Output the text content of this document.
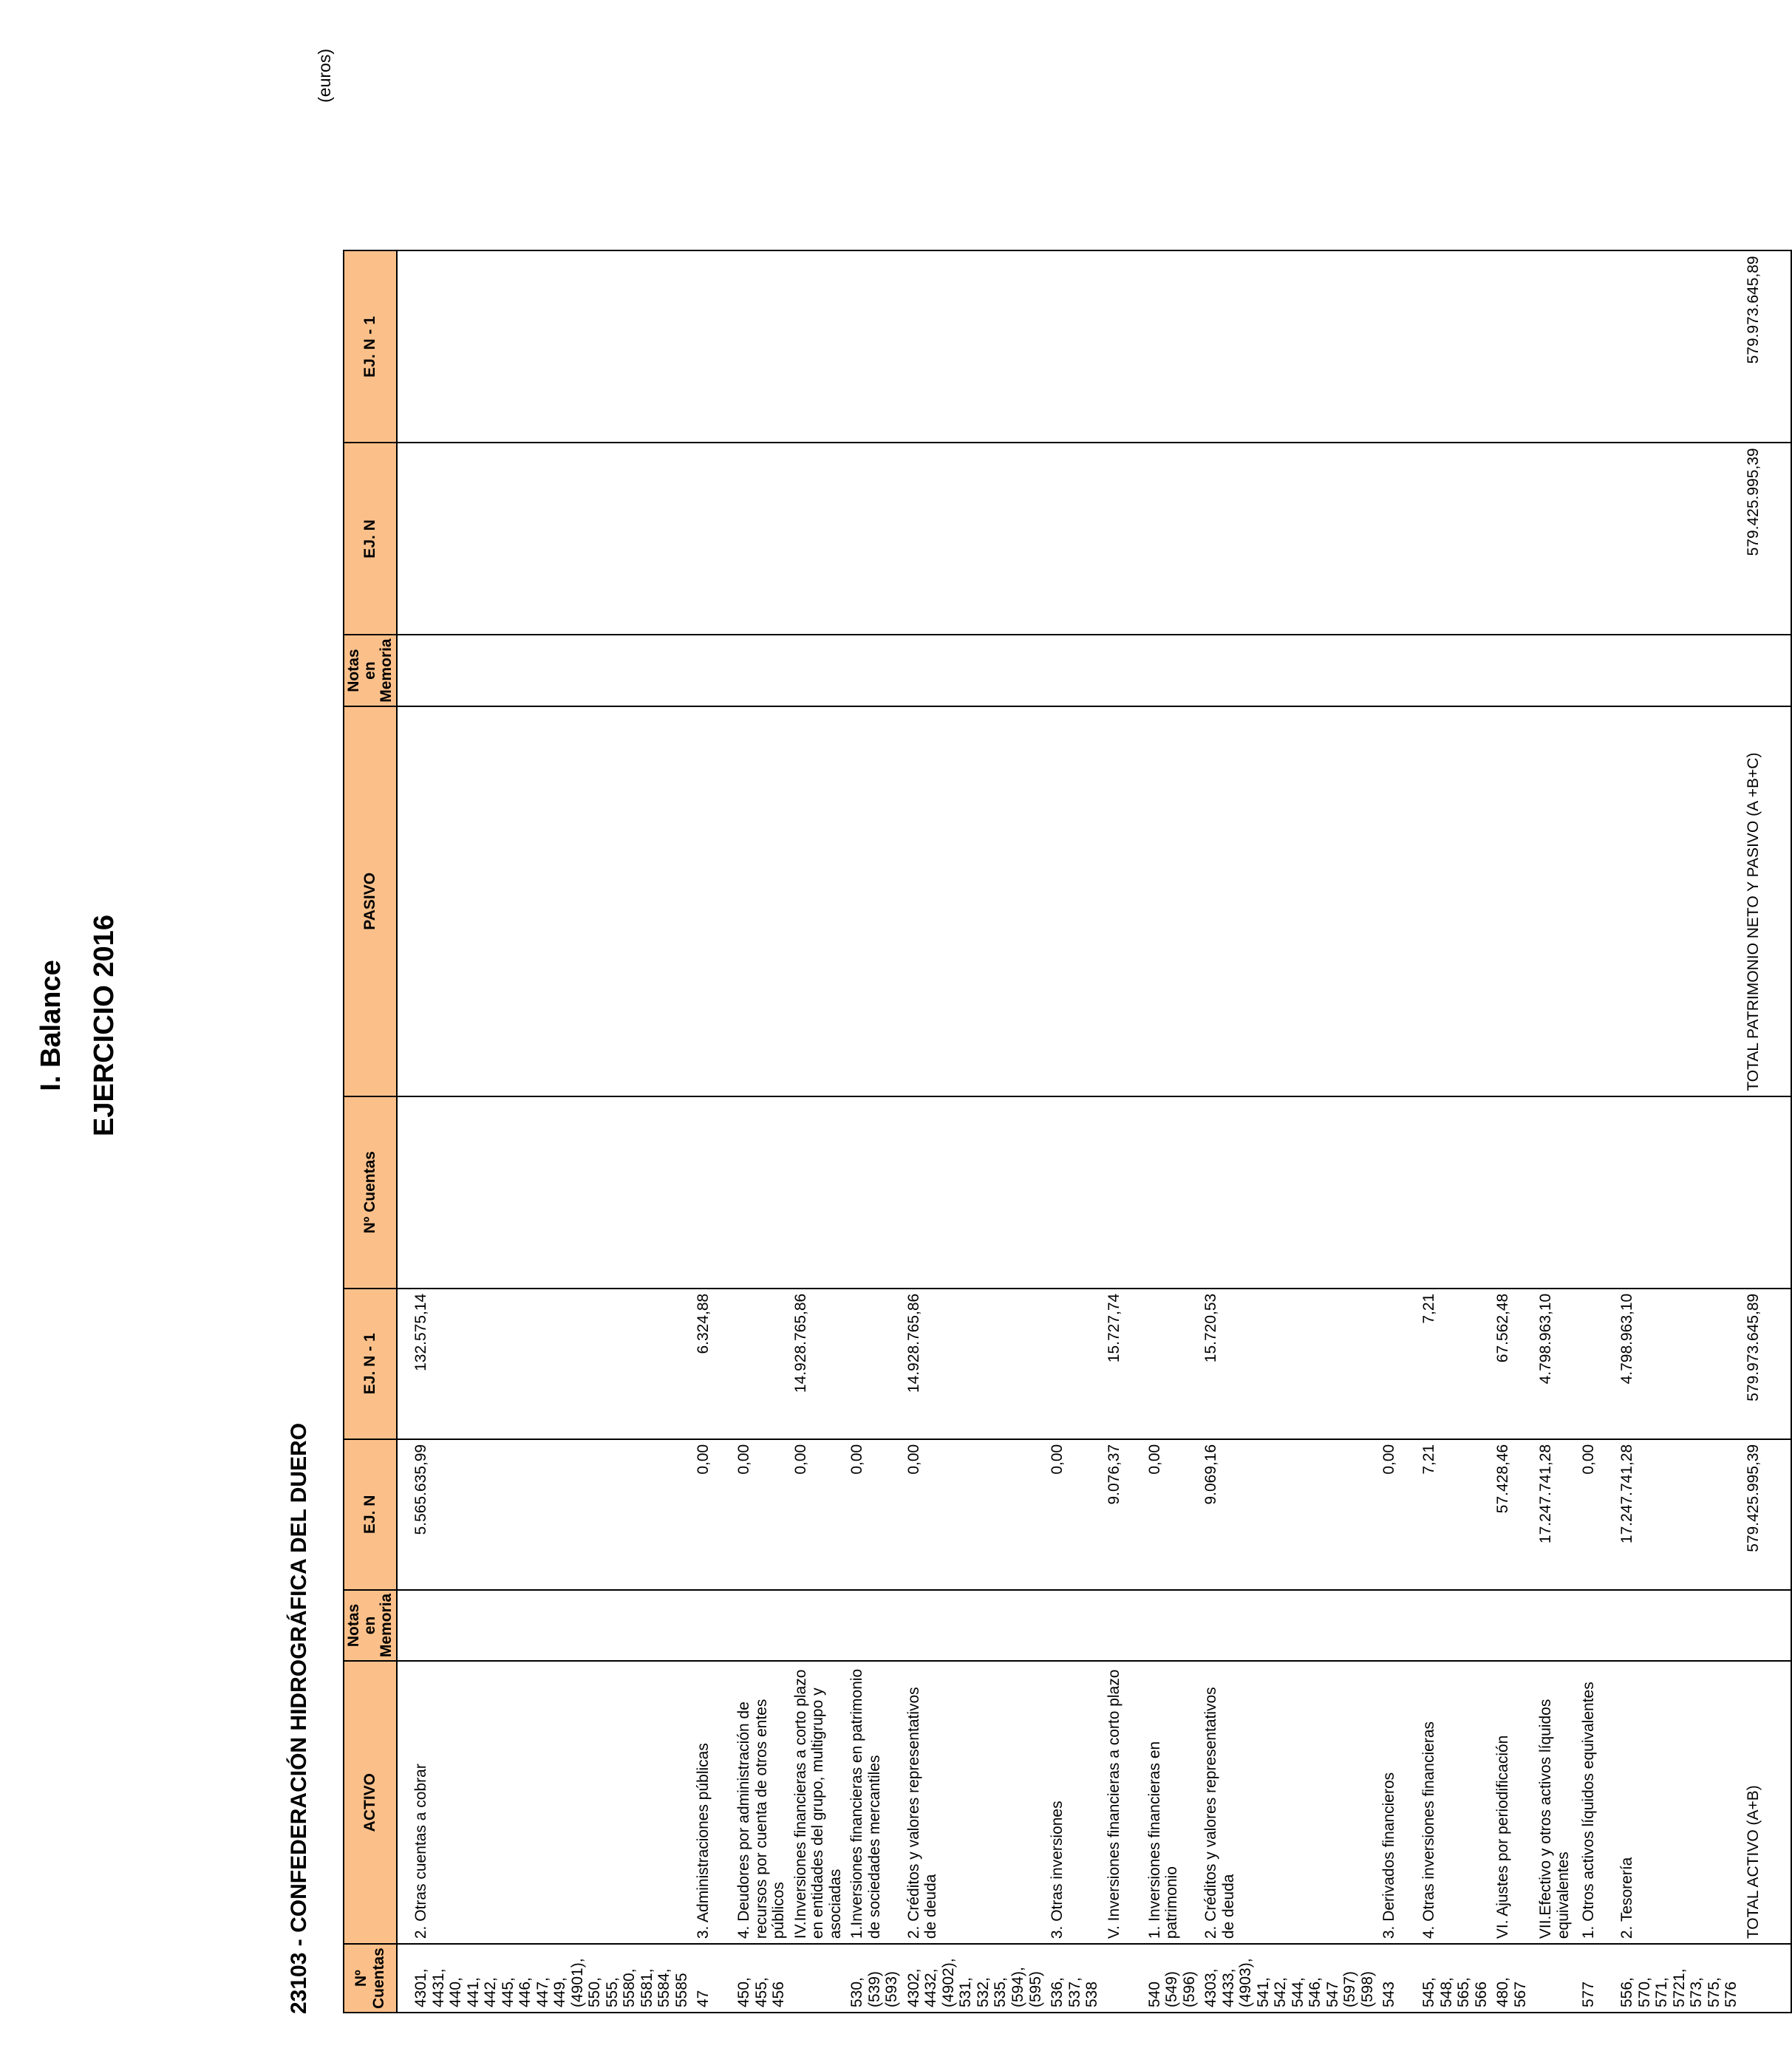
I. Balance EJERCICIO 2016
23103 - CONFEDERACIÓN HIDROGRÁFICA DEL DUERO
(euros)
Nº Cuentas	ACTIVO	Notas en Memoria	EJ. N	EJ. N - 1	Nº Cuentas	PASIVO	Notas en Memoria	EJ. N	EJ. N - 1

4301, 4431, 440, 441, 442, 445, 446, 447, 449, (4901), 550, 555, 5580, 5581, 5584, 5585	2. Otras cuentas a cobrar		5.565.635,99	132.575,14					
47	3. Administraciones públicas		0,00	6.324,88					
450, 455, 456	4. Deudores por administración de recursos por cuenta de otros entes públicos		0,00						
	IV.Inversiones financieras a corto plazo en entidades del grupo, multigrupo y asociadas		0,00	14.928.765,86					
530, (539) (593)	1.Inversiones financieras en patrimonio de sociedades mercantiles		0,00						
4302, 4432, (4902), 531, 532, 535, (594), (595)	2. Créditos y valores representativos de deuda		0,00	14.928.765,86					
536, 537, 538	3. Otras inversiones		0,00						
	V. Inversiones financieras a corto plazo		9.076,37	15.727,74					
540 (549) (596)	1. Inversiones financieras en patrimonio		0,00						
4303, 4433, (4903), 541, 542, 544, 546, 547 (597) (598)	2. Créditos y valores representativos de deuda		9.069,16	15.720,53					
543	3. Derivados financieros		0,00						
545, 548, 565, 566	4. Otras inversiones financieras		7,21	7,21					
480, 567	VI. Ajustes por periodificación		57.428,46	67.562,48					
	VII.Efectivo y otros activos líquidos equivalentes		17.247.741,28	4.798.963,10					
577	1. Otros activos líquidos equivalentes		0,00						
556, 570, 571, 5721, 573, 575, 576	2. Tesorería		17.247.741,28	4.798.963,10					
	TOTAL ACTIVO (A+B)		579.425.995,39	579.973.645,89		TOTAL PATRIMONIO NETO Y PASIVO (A +B+C)		579.425.995,39	579.973.645,89
